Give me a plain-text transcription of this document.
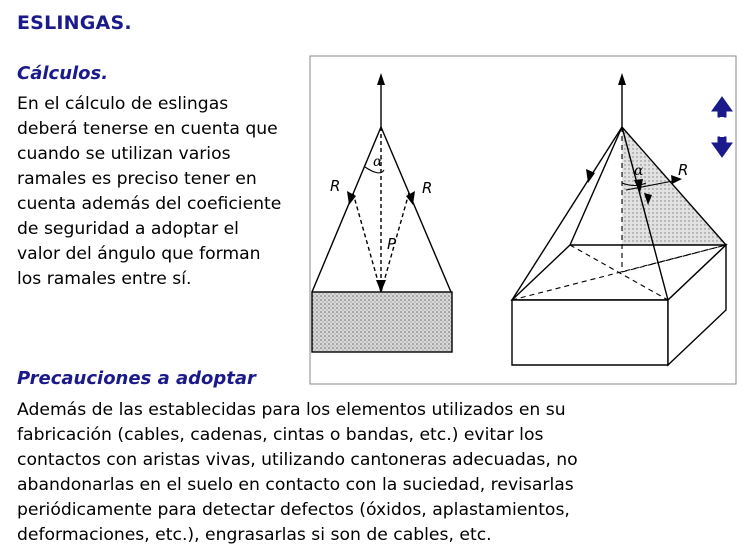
ESLINGAS.
Cálculos.
En el cálculo de eslingas
deberá tenerse en cuenta que
cuando se utilizan varios
ramales es preciso tener en
cuenta además del coeficiente
de seguridad a adoptar el
valor del ángulo que forman
los ramales entre sí.
α
R	R
P
α R
Precauciones a adoptar
Además de las establecidas para los elementos utilizados en su
fabricación (cables, cadenas, cintas o bandas, etc.) evitar los
contactos con aristas vivas, utilizando cantoneras adecuadas, no
abandonarlas en el suelo en contacto con la suciedad, revisarlas
periódicamente para detectar defectos (óxidos, aplastamientos,
deformaciones, etc.), engrasarlas si son de cables, etc.
